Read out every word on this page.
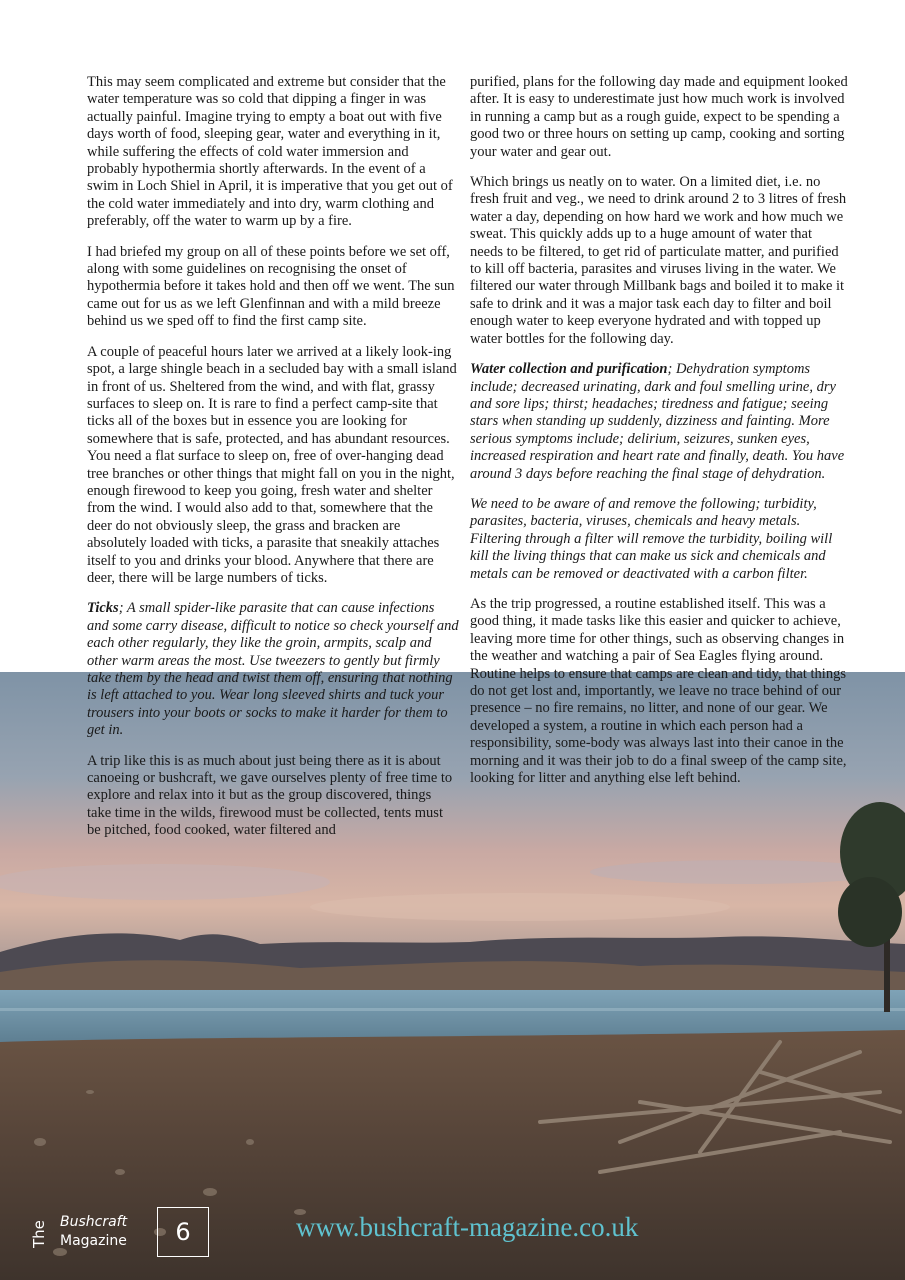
This may seem complicated and extreme but consider that the water temperature was so cold that dipping a finger in was actually painful. Imagine trying to empty a boat out with five days worth of food, sleeping gear, water and everything in it, while suffering the effects of cold water immersion and probably hypothermia shortly afterwards. In the event of a swim in Loch Shiel in April, it is imperative that you get out of the cold water immediately and into dry, warm clothing and preferably, off the water to warm up by a fire.

I had briefed my group on all of these points before we set off, along with some guidelines on recognising the onset of hypothermia before it takes hold and then off we went. The sun came out for us as we left Glenfinnan and with a mild breeze behind us we sped off to find the first camp site.

A couple of peaceful hours later we arrived at a likely look-ing spot, a large shingle beach in a secluded bay with a small island in front of us. Sheltered from the wind, and with flat, grassy surfaces to sleep on. It is rare to find a perfect camp-site that ticks all of the boxes but in essence you are looking for somewhere that is safe, protected, and has abundant resources. You need a flat surface to sleep on, free of over-hanging dead tree branches or other things that might fall on you in the night, enough firewood to keep you going, fresh water and shelter from the wind. I would also add to that, somewhere that the deer do not obviously sleep, the grass and bracken are absolutely loaded with ticks, a parasite that sneakily attaches itself to you and drinks your blood. Anywhere that there are deer, there will be large numbers of ticks.

Ticks; A small spider-like parasite that can cause infections and some carry disease, difficult to notice so check yourself and each other regularly, they like the groin, armpits, scalp and other warm areas the most. Use tweezers to gently but firmly take them by the head and twist them off, ensuring that nothing is left attached to you. Wear long sleeved shirts and tuck your trousers into your boots or socks to make it harder for them to get in.

A trip like this is as much about just being there as it is about canoeing or bushcraft, we gave ourselves plenty of free time to explore and relax into it but as the group discovered, things take time in the wilds, firewood must be collected, tents must be pitched, food cooked, water filtered and

purified, plans for the following day made and equipment looked after. It is easy to underestimate just how much work is involved in running a camp but as a rough guide, expect to be spending a good two or three hours on setting up camp, cooking and sorting your water and gear out.

Which brings us neatly on to water. On a limited diet, i.e. no fresh fruit and veg., we need to drink around 2 to 3 litres of fresh water a day, depending on how hard we work and how much we sweat. This quickly adds up to a huge amount of water that needs to be filtered, to get rid of particulate matter, and purified to kill off bacteria, parasites and viruses living in the water. We filtered our water through Millbank bags and boiled it to make it safe to drink and it was a major task each day to filter and boil enough water to keep everyone hydrated and with topped up water bottles for the following day.

Water collection and purification; Dehydration symptoms include; decreased urinating, dark and foul smelling urine, dry and sore lips; thirst; headaches; tiredness and fatigue; seeing stars when standing up suddenly, dizziness and fainting. More serious symptoms include; delirium, seizures, sunken eyes, increased respiration and heart rate and finally, death. You have around 3 days before reaching the final stage of dehydration.

We need to be aware of and remove the following; turbidity, parasites, bacteria, viruses, chemicals and heavy metals. Filtering through a filter will remove the turbidity, boiling will kill the living things that can make us sick and chemicals and metals can be removed or deactivated with a carbon filter.

As the trip progressed, a routine established itself. This was a good thing, it made tasks like this easier and quicker to achieve, leaving more time for other things, such as observing changes in the weather and watching a pair of Sea Eagles flying around. Routine helps to ensure that camps are clean and tidy, that things do not get lost and, importantly, we leave no trace behind of our presence – no fire remains, no litter, and none of our gear. We developed a system, a routine in which each person had a responsibility, some-body was always last into their canoe in the morning and it was their job to do a final sweep of the camp site, looking for litter and anything else left behind.

The Bushcraft
Magazine	6	www.bushcraft-magazine.co.uk
